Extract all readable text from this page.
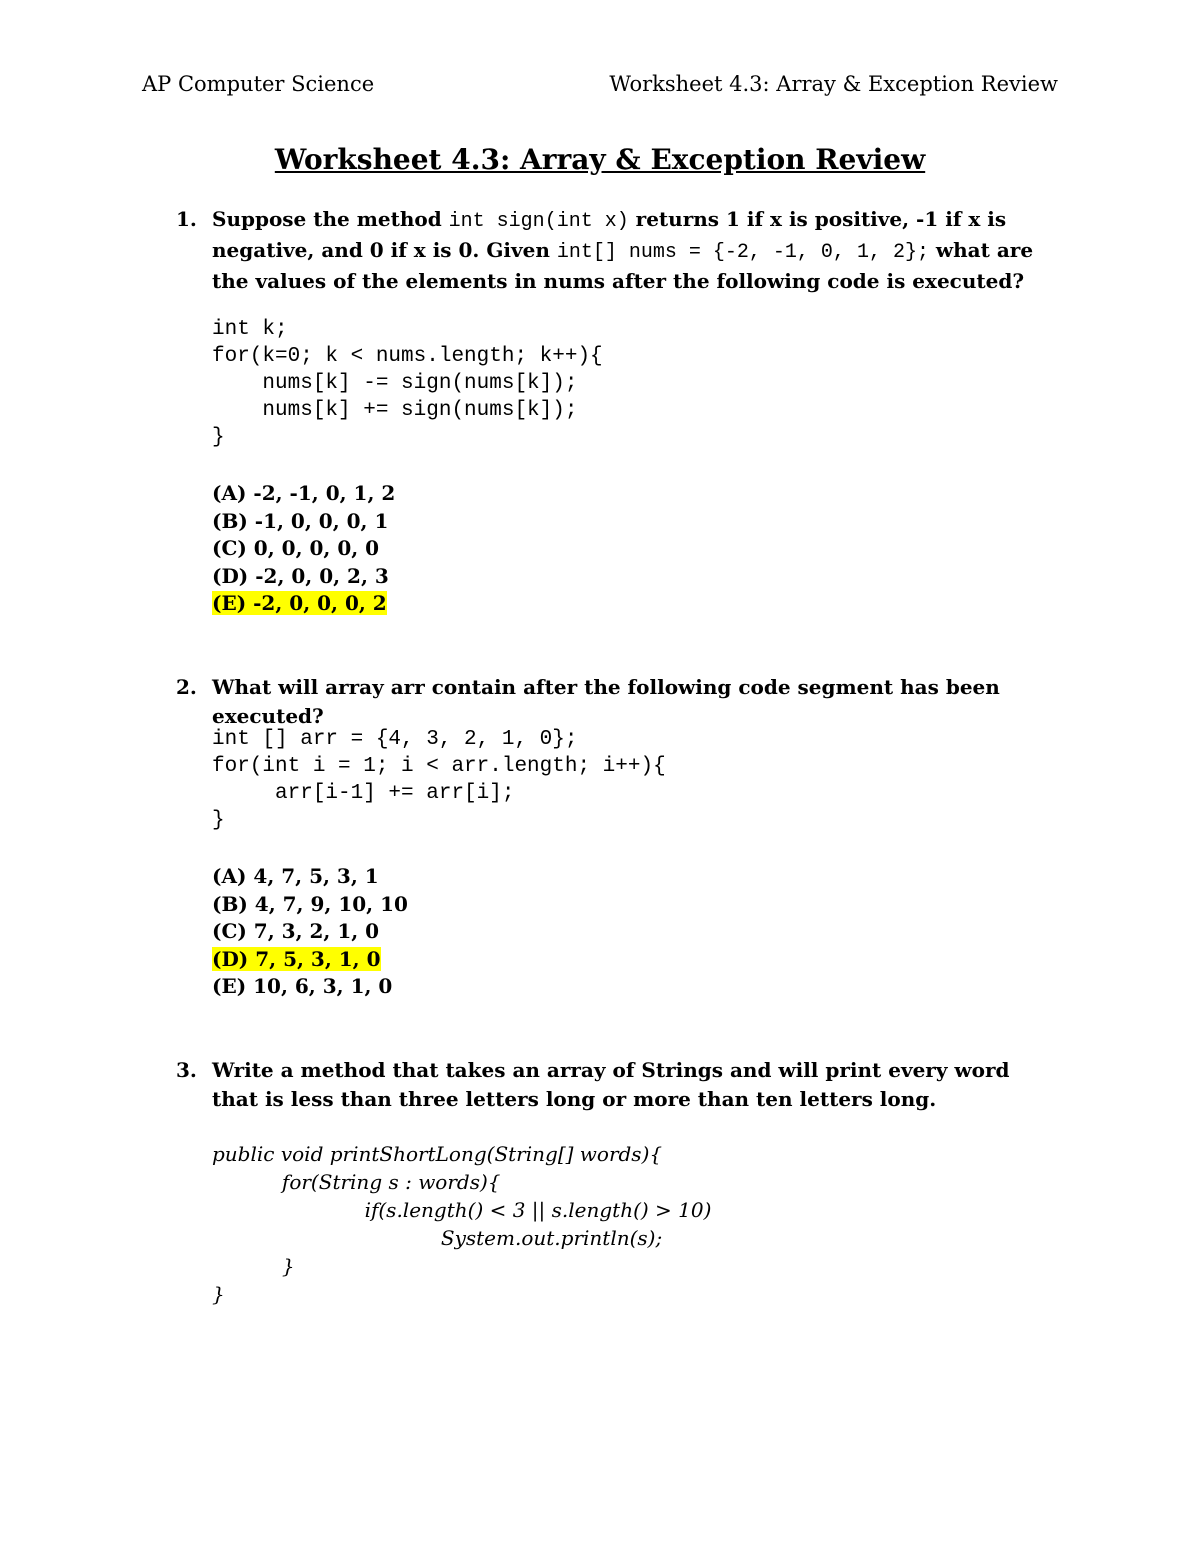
AP Computer Science	Worksheet 4.3: Array & Exception Review
Worksheet 4.3: Array & Exception Review
1. Suppose the method int sign(int x) returns 1 if x is positive, -1 if x is negative, and 0 if x is 0. Given int[] nums = {-2, -1, 0, 1, 2}; what are the values of the elements in nums after the following code is executed?
int k;
for(k=0; k < nums.length; k++){
nums[k] -= sign(nums[k]);
nums[k] += sign(nums[k]);
}
(A) -2, -1, 0, 1, 2
(B) -1, 0, 0, 0, 1
(C) 0, 0, 0, 0, 0
(D) -2, 0, 0, 2, 3
(E) -2, 0, 0, 0, 2
2. What will array arr contain after the following code segment has been executed?
int [] arr = {4, 3, 2, 1, 0};
for(int i = 1; i < arr.length; i++){
arr[i-1] += arr[i];
}
(A) 4, 7, 5, 3, 1
(B) 4, 7, 9, 10, 10
(C) 7, 3, 2, 1, 0
(D) 7, 5, 3, 1, 0
(E) 10, 6, 3, 1, 0
3. Write a method that takes an array of Strings and will print every word that is less than three letters long or more than ten letters long.
public void printShortLong(String[] words){
for(String s : words){
if(s.length() < 3 || s.length() > 10)
System.out.println(s);
}
}
